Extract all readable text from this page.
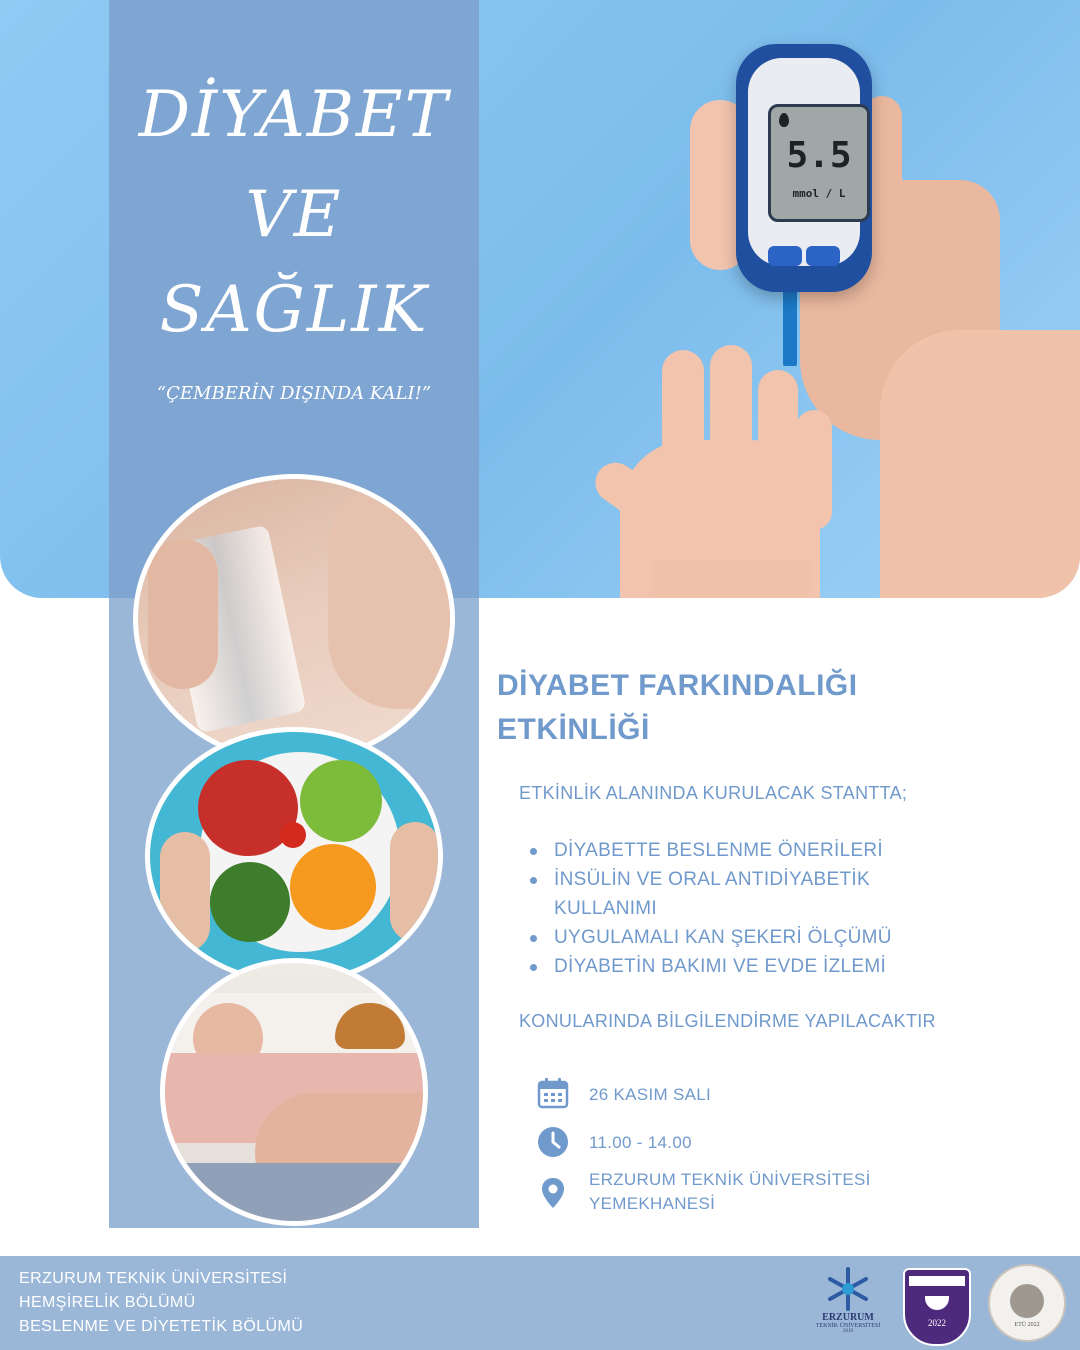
5.5
mmol / L
DİYABET
VE
SAĞLIK
“ÇEMBERİN DIŞINDA KALI!”
DİYABET FARKINDALIĞI
ETKİNLİĞİ
ETKİNLİK ALANINDA KURULACAK STANTTA;
DİYABETTE BESLENME ÖNERİLERİ
İNSÜLİN VE ORAL ANTIDİYABETİK KULLANIMI
UYGULAMALI KAN ŞEKERİ ÖLÇÜMÜ
DİYABETİN BAKIMI VE EVDE İZLEMİ
KONULARINDA BİLGİLENDİRME YAPILACAKTIR
26 KASIM SALI
11.00 - 14.00
ERZURUM TEKNİK ÜNİVERSİTESİ
YEMEKHANESİ
ERZURUM TEKNİK ÜNİVERSİTESİ
HEMŞİRELİK BÖLÜMÜ
BESLENME VE DİYETETİK BÖLÜMÜ
ERZURUM
TEKNİK ÜNİVERSİTESİ
2010
2022	ETÜ 2022
